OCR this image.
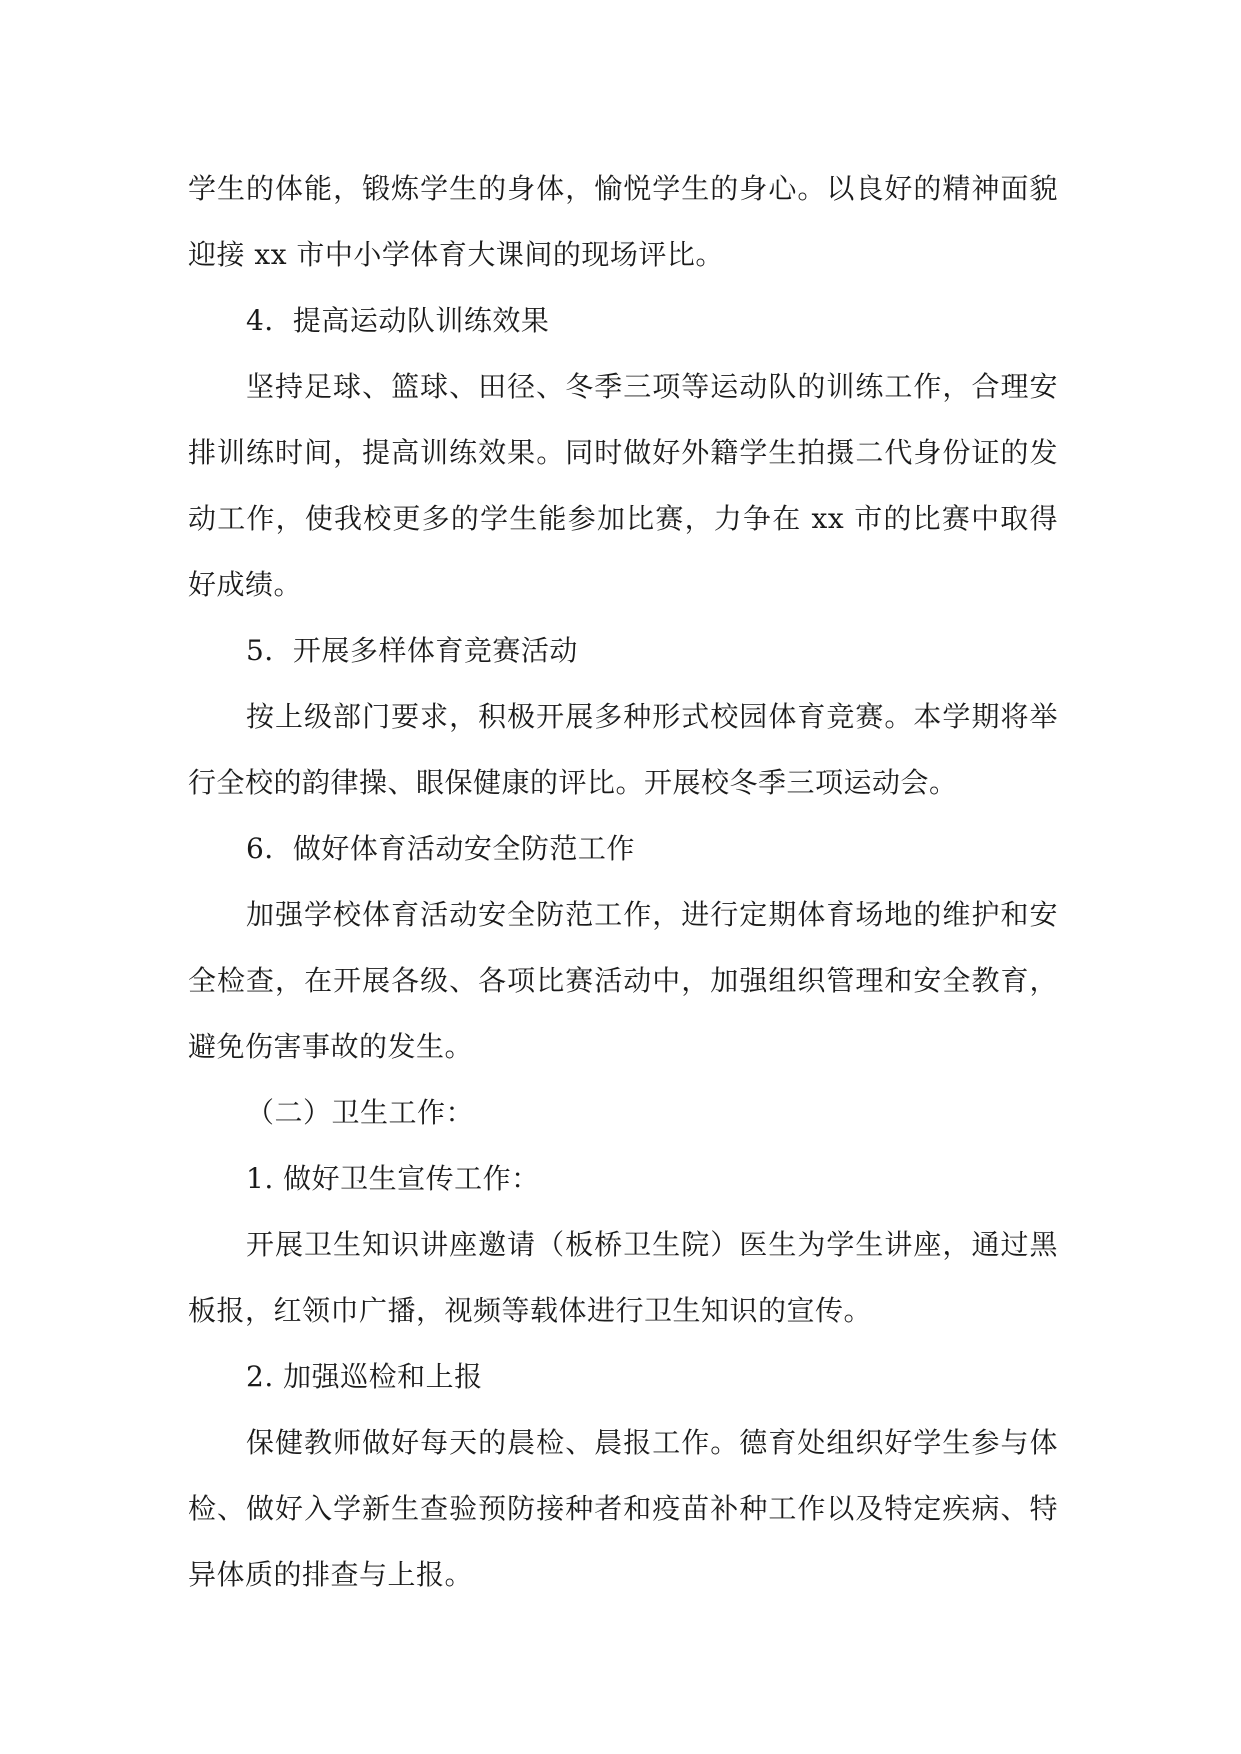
学生的体能，锻炼学生的身体，愉悦学生的身心。以良好的精神面貌
迎接 xx 市中小学体育大课间的现场评比。
4．提高运动队训练效果
坚持足球、篮球、田径、冬季三项等运动队的训练工作，合理安
排训练时间，提高训练效果。同时做好外籍学生拍摄二代身份证的发
动工作，使我校更多的学生能参加比赛，力争在 xx 市的比赛中取得
好成绩。
5．开展多样体育竞赛活动
按上级部门要求，积极开展多种形式校园体育竞赛。本学期将举
行全校的韵律操、眼保健康的评比。开展校冬季三项运动会。
6．做好体育活动安全防范工作
加强学校体育活动安全防范工作，进行定期体育场地的维护和安
全检查，在开展各级、各项比赛活动中，加强组织管理和安全教育，
避免伤害事故的发生。
（二）卫生工作：
1. 做好卫生宣传工作：
开展卫生知识讲座邀请（板桥卫生院）医生为学生讲座，通过黑
板报，红领巾广播，视频等载体进行卫生知识的宣传。
2. 加强巡检和上报
保健教师做好每天的晨检、晨报工作。德育处组织好学生参与体
检、做好入学新生查验预防接种者和疫苗补种工作以及特定疾病、特
异体质的排查与上报。
